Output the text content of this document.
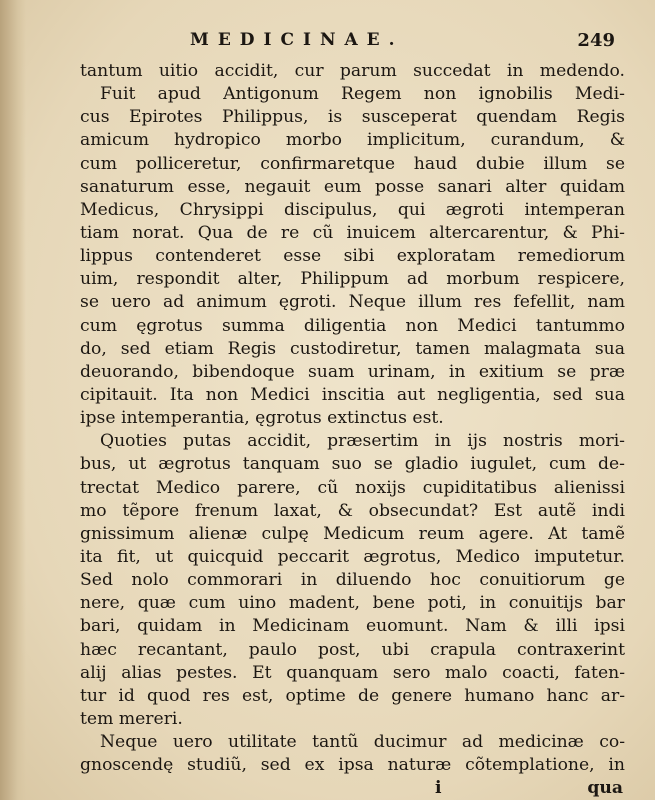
MEDICINAE.	249
tantum uitio accidit, cur parum succedat in medendo.
Fuit apud Antigonum Regem non ignobilis Medi-
cus Epirotes Philippus, is susceperat quendam Regis
amicum hydropico morbo implicitum, curandum, &
cum polliceretur, confirmaretque haud dubie illum se
sanaturum esse, negauit eum posse sanari alter quidam
Medicus, Chrysippi discipulus, qui ægroti intemperan
tiam norat. Qua de re cũ inuicem altercarentur, & Phi-
lippus contenderet esse sibi exploratam remediorum
uim, respondit alter, Philippum ad morbum respicere,
se uero ad animum ęgroti. Neque illum res fefellit, nam
cum ęgrotus summa diligentia non Medici tantummo
do, sed etiam Regis custodiretur, tamen malagmata sua
deuorando, bibendoque suam urinam, in exitium se præ
cipitauit. Ita non Medici inscitia aut negligentia, sed sua
ipse intemperantia, ęgrotus extinctus est.
Quoties putas accidit, præsertim in ijs nostris mori-
bus, ut ægrotus tanquam suo se gladio iugulet, cum de-
trectat Medico parere, cũ noxijs cupiditatibus alienissi
mo tẽpore frenum laxat, & obsecundat? Est autẽ indi
gnissimum alienæ culpę Medicum reum agere. At tamẽ
ita fit, ut quicquid peccarit ægrotus, Medico imputetur.
Sed nolo commorari in diluendo hoc conuitiorum ge
nere, quæ cum uino madent, bene poti, in conuitijs bar
bari, quidam in Medicinam euomunt. Nam & illi ipsi
hæc recantant, paulo post, ubi crapula contraxerint
alij alias pestes. Et quanquam sero malo coacti, faten-
tur id quod res est, optime de genere humano hanc ar-
tem mereri.
Neque uero utilitate tantũ ducimur ad medicinæ co-
gnoscendę studiũ, sed ex ipsa naturæ cõtemplatione, in
i	qua
